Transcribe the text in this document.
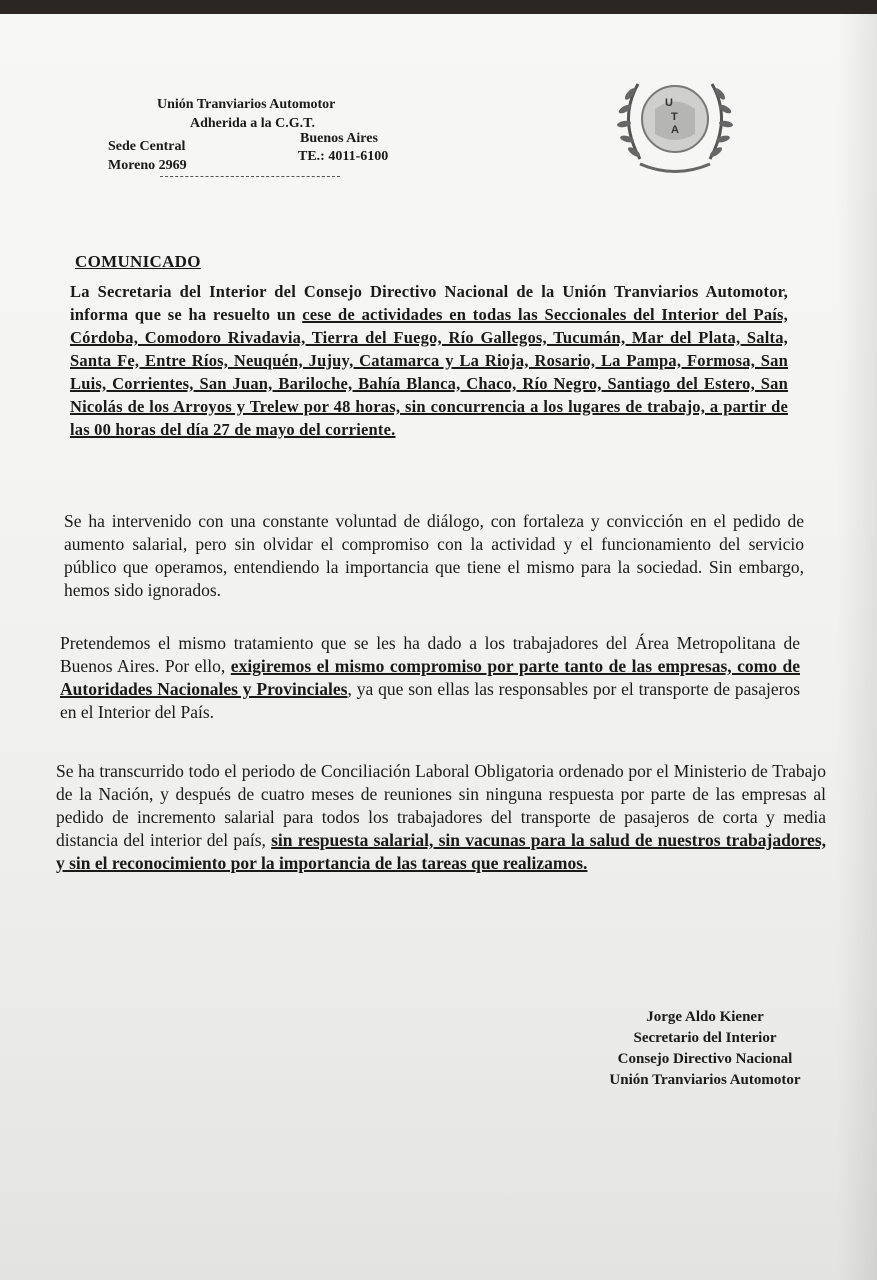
Unión Tranviarios Automotor
Adherida a la C.G.T.
Sede Central
Buenos Aires
Moreno 2969
TE.: 4011-6100
U
T
A
COMUNICADO
La Secretaria del Interior del Consejo Directivo Nacional de la Unión Tranviarios Automotor, informa que se ha resuelto un cese de actividades en todas las Seccionales del Interior del País, Córdoba, Comodoro Rivadavia, Tierra del Fuego, Río Gallegos, Tucumán, Mar del Plata, Salta, Santa Fe, Entre Ríos, Neuquén, Jujuy, Catamarca y La Rioja, Rosario, La Pampa, Formosa, San Luis, Corrientes, San Juan, Bariloche, Bahía Blanca, Chaco, Río Negro, Santiago del Estero, San Nicolás de los Arroyos y Trelew por 48 horas, sin concurrencia a los lugares de trabajo, a partir de las 00 horas del día 27 de mayo del corriente.
Se ha intervenido con una constante voluntad de diálogo, con fortaleza y convicción en el pedido de aumento salarial, pero sin olvidar el compromiso con la actividad y el funcionamiento del servicio público que operamos, entendiendo la importancia que tiene el mismo para la sociedad. Sin embargo, hemos sido ignorados.
Pretendemos el mismo tratamiento que se les ha dado a los trabajadores del Área Metropolitana de Buenos Aires. Por ello, exigiremos el mismo compromiso por parte tanto de las empresas, como de Autoridades Nacionales y Provinciales, ya que son ellas las responsables por el transporte de pasajeros en el Interior del País.
Se ha transcurrido todo el periodo de Conciliación Laboral Obligatoria ordenado por el Ministerio de Trabajo de la Nación, y después de cuatro meses de reuniones sin ninguna respuesta por parte de las empresas al pedido de incremento salarial para todos los trabajadores del transporte de pasajeros de corta y media distancia del interior del país, sin respuesta salarial, sin vacunas para la salud de nuestros trabajadores, y sin el reconocimiento por la importancia de las tareas que realizamos.
Jorge Aldo Kiener
Secretario del Interior
Consejo Directivo Nacional
Unión Tranviarios Automotor
